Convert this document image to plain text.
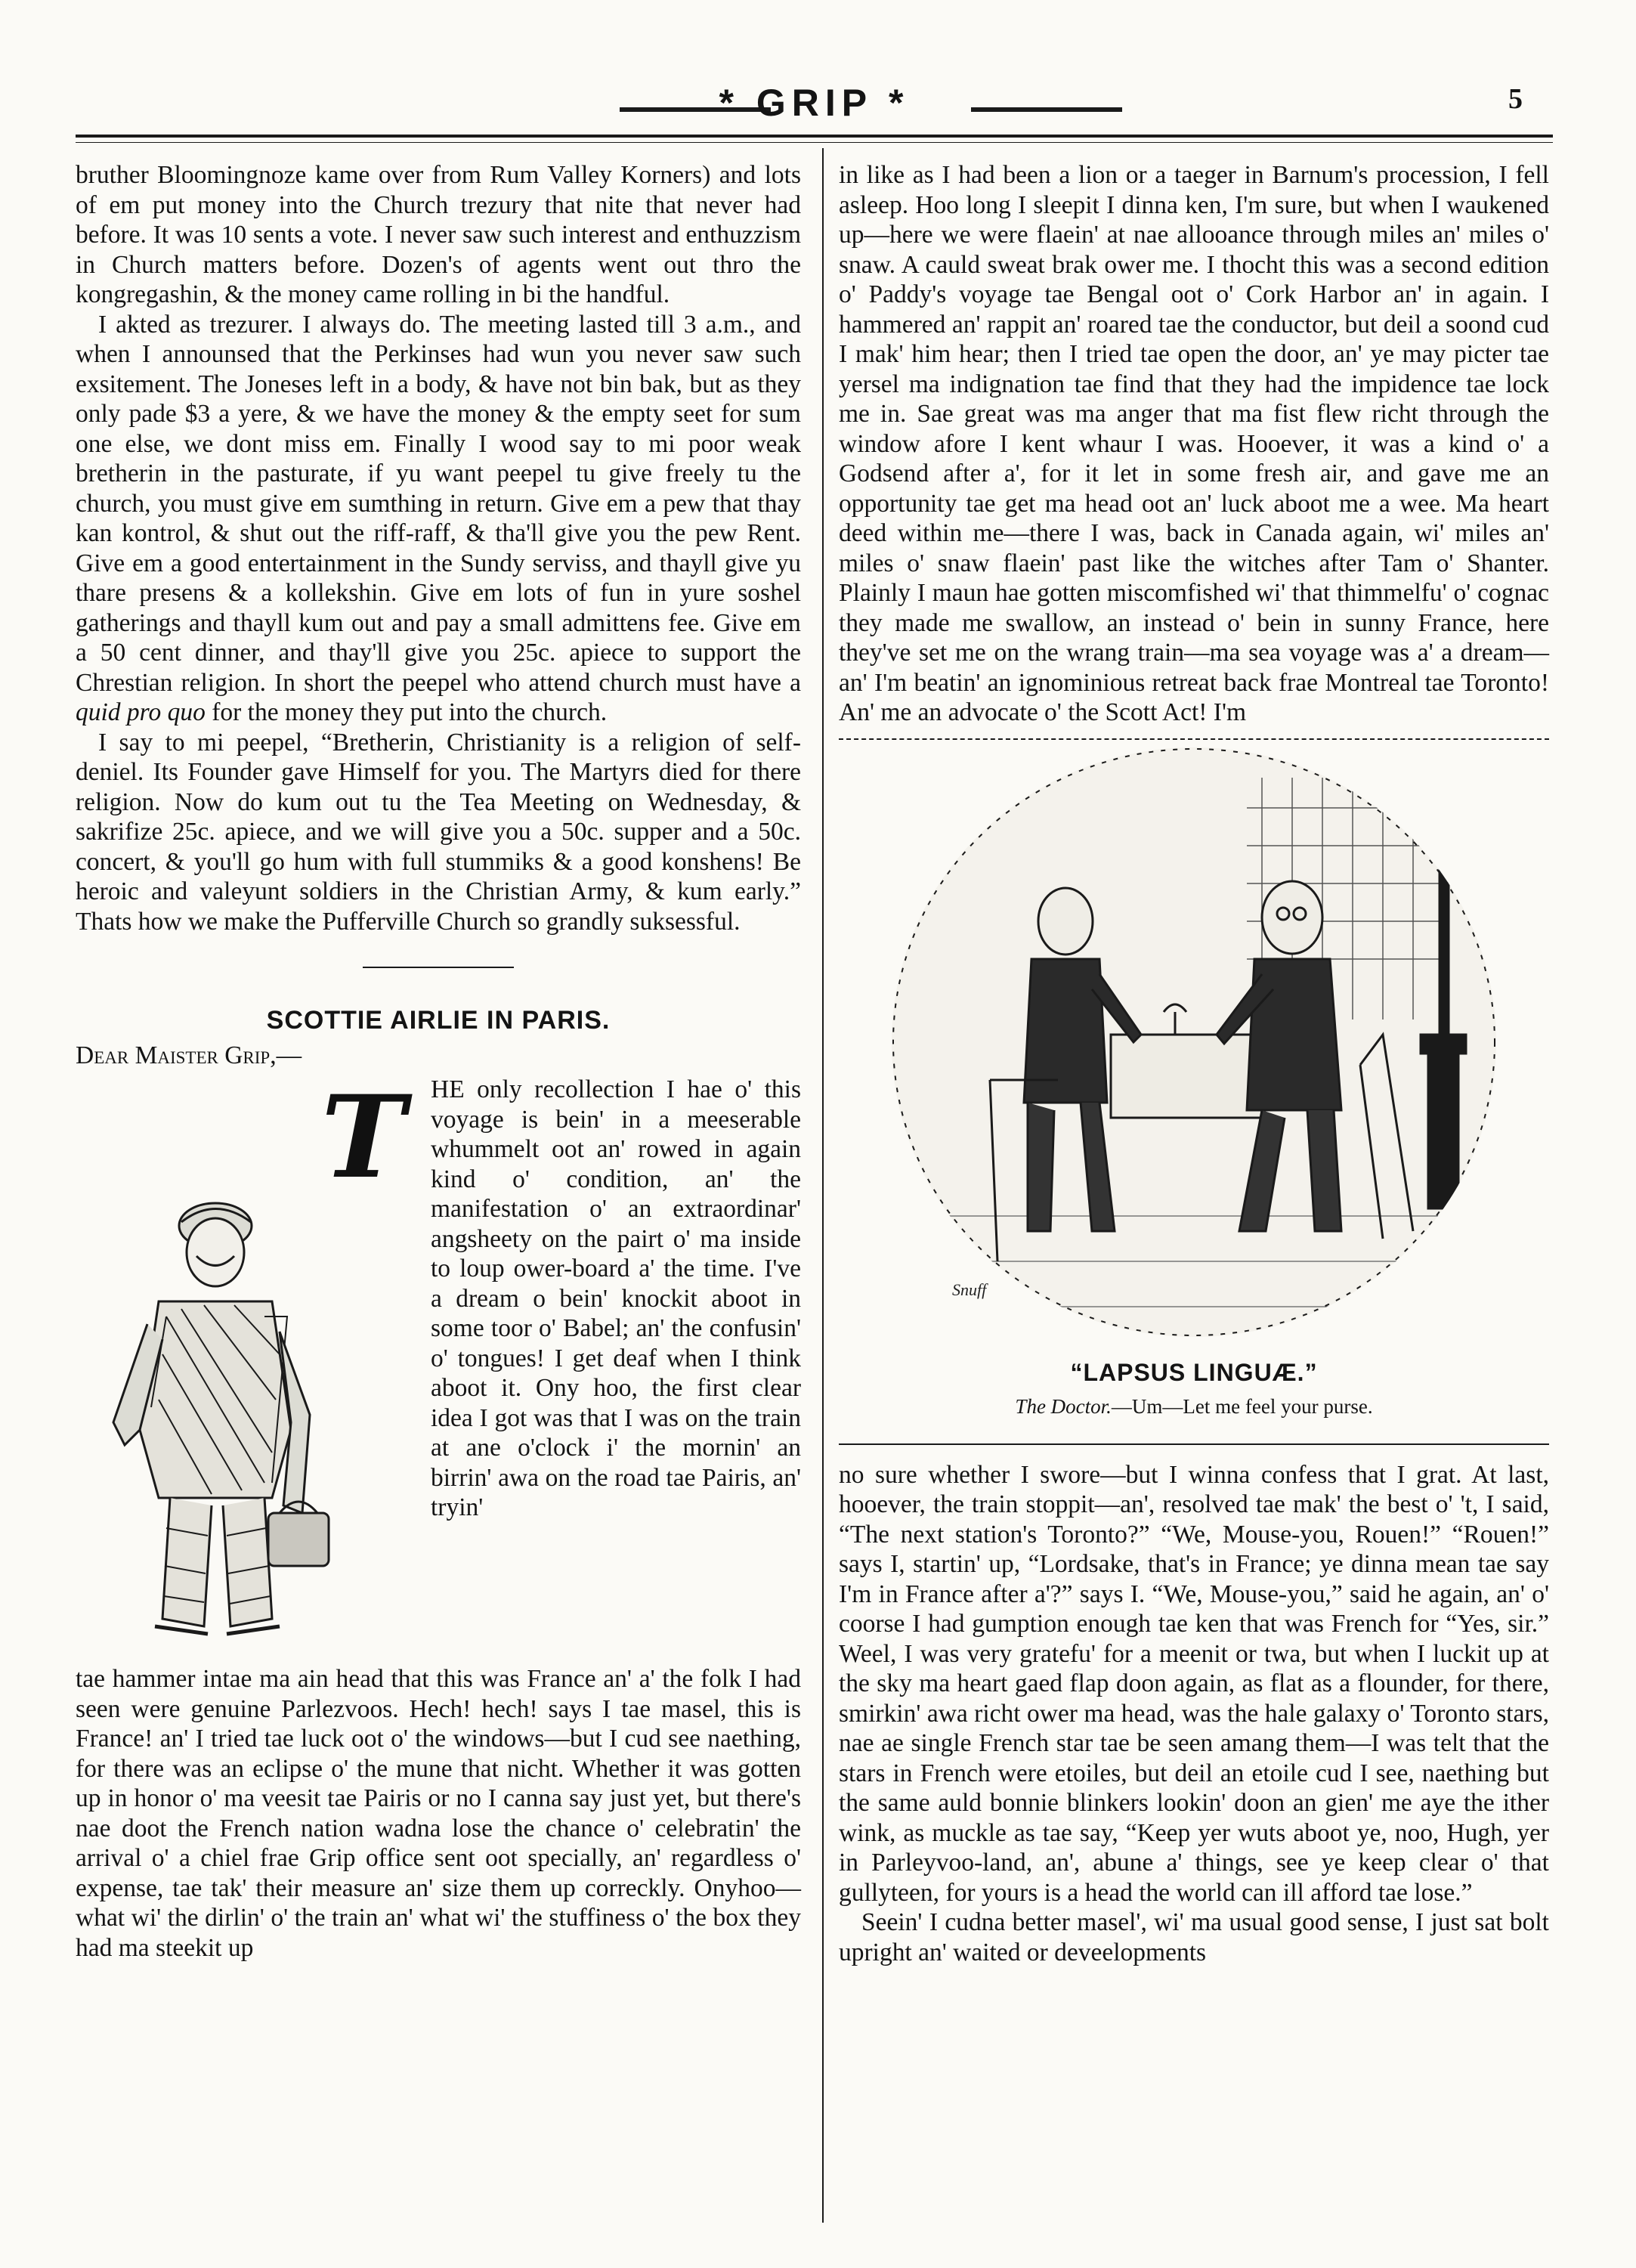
* GRIP *	5

bruther Bloomingnoze kame over from Rum Valley Korners) and lots of em put money into the Church trezury that nite that never had before. It was 10 sents a vote. I never saw such interest and enthuzzism in Church matters before. Dozen's of agents went out thro the kongregashin, & the money came rolling in bi the handful.

I akted as trezurer. I always do. The meeting lasted till 3 a.m., and when I announsed that the Perkinses had wun you never saw such exsitement. The Joneses left in a body, & have not bin bak, but as they only pade $3 a yere, & we have the money & the empty seet for sum one else, we dont miss em. Finally I wood say to mi poor weak bretherin in the pasturate, if yu want peepel tu give freely tu the church, you must give em sumthing in return. Give em a pew that thay kan kontrol, & shut out the riff-raff, & tha'll give you the pew Rent. Give em a good entertainment in the Sundy serviss, and thayll give yu thare presens & a kollekshin. Give em lots of fun in yure soshel gatherings and thayll kum out and pay a small admittens fee. Give em a 50 cent dinner, and thay'll give you 25c. apiece to support the Chrestian religion. In short the peepel who attend church must have a quid pro quo for the money they put into the church.

I say to mi peepel, “Bretherin, Christianity is a religion of self-deniel. Its Founder gave Himself for you. The Martyrs died for there religion. Now do kum out tu the Tea Meeting on Wednesday, & sakrifize 25c. apiece, and we will give you a 50c. supper and a 50c. concert, & you'll go hum with full stummiks & a good konshens! Be heroic and valeyunt soldiers in the Christian Army, & kum early.” Thats how we make the Pufferville Church so grandly suksessful.

SCOTTIE AIRLIE IN PARIS.
Dear Maister Grip,—
T HE only recollection I hae o' this voyage is bein' in a meeserable whummelt oot an' rowed in again kind o' condition, an' the manifestation o' an extraordinar' angsheety on the pairt o' ma inside to loup ower-board a' the time. I've a dream o bein' knockit aboot in some toor o' Babel; an' the confusin' o' tongues! I get deaf when I think aboot it. Ony hoo, the first clear idea I got was that I was on the train at ane o'clock i' the mornin' an birrin' awa on the road tae Pairis, an' tryin'

tae hammer intae ma ain head that this was France an' a' the folk I had seen were genuine Parlezvoos. Hech! hech! says I tae masel, this is France! an' I tried tae luck oot o' the windows—but I cud see naething, for there was an eclipse o' the mune that nicht. Whether it was gotten up in honor o' ma veesit tae Pairis or no I canna say just yet, but there's nae doot the French nation wadna lose the chance o' celebratin' the arrival o' a chiel frae Grip office sent oot specially, an' regardless o' expense, tae tak' their measure an' size them up correckly. Onyhoo—what wi' the dirlin' o' the train an' what wi' the stuffiness o' the box they had ma steekit up

in like as I had been a lion or a taeger in Barnum's procession, I fell asleep. Hoo long I sleepit I dinna ken, I'm sure, but when I waukened up—here we were flaein' at nae allooance through miles an' miles o' snaw. A cauld sweat brak ower me. I thocht this was a second edition o' Paddy's voyage tae Bengal oot o' Cork Harbor an' in again. I hammered an' rappit an' roared tae the conductor, but deil a soond cud I mak' him hear; then I tried tae open the door, an' ye may picter tae yersel ma indignation tae find that they had the impidence tae lock me in. Sae great was ma anger that ma fist flew richt through the window afore I kent whaur I was. Hooever, it was a kind o' a Godsend after a', for it let in some fresh air, and gave me an opportunity tae get ma head oot an' luck aboot me a wee. Ma heart deed within me—there I was, back in Canada again, wi' miles an' miles o' snaw flaein' past like the witches after Tam o' Shanter. Plainly I maun hae gotten miscomfished wi' that thimmelfu' o' cognac they made me swallow, an instead o' bein in sunny France, here they've set me on the wrang train—ma sea voyage was a' a dream—an' I'm beatin' an ignominious retreat back frae Montreal tae Toronto! An' me an advocate o' the Scott Act! I'm

Snuff
“LAPSUS LINGUÆ.”
The Doctor.—Um—Let me feel your purse.

no sure whether I swore—but I winna confess that I grat. At last, hooever, the train stoppit—an', resolved tae mak' the best o' 't, I said, “The next station's Toronto?” “We, Mouse-you, Rouen!” “Rouen!” says I, startin' up, “Lordsake, that's in France; ye dinna mean tae say I'm in France after a'?” says I. “We, Mouse-you,” said he again, an' o' coorse I had gumption enough tae ken that was French for “Yes, sir.” Weel, I was very gratefu' for a meenit or twa, but when I luckit up at the sky ma heart gaed flap doon again, as flat as a flounder, for there, smirkin' awa richt ower ma head, was the hale galaxy o' Toronto stars, nae ae single French star tae be seen amang them—I was telt that the stars in French were etoiles, but deil an etoile cud I see, naething but the same auld bonnie blinkers lookin' doon an gien' me aye the ither wink, as muckle as tae say, “Keep yer wuts aboot ye, noo, Hugh, yer in Parleyvoo-land, an', abune a' things, see ye keep clear o' that gullyteen, for yours is a head the world can ill afford tae lose.”

Seein' I cudna better masel', wi' ma usual good sense, I just sat bolt upright an' waited or deveelopments
